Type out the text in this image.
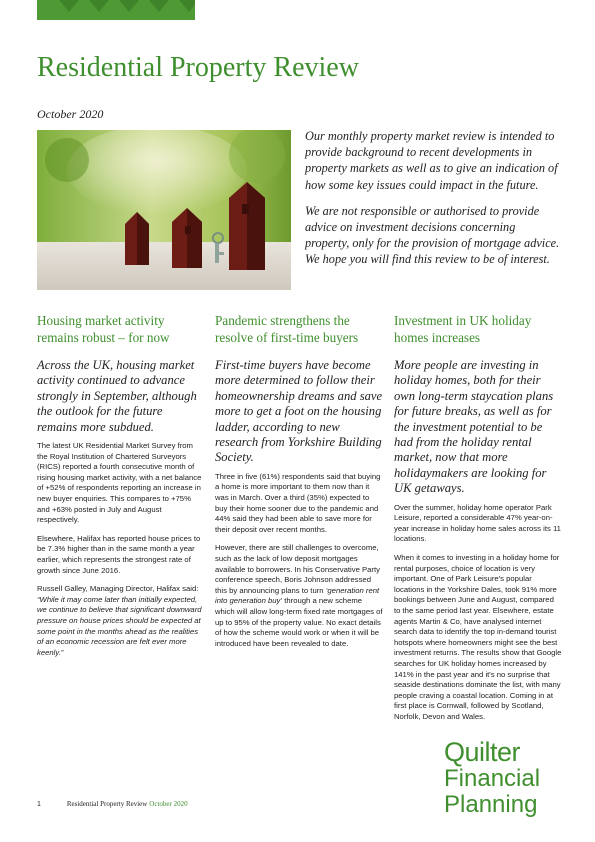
Residential Property Review
October 2020

Our monthly property market review is intended to provide background to recent developments in property markets as well as to give an indication of how some key issues could impact in the future.

We are not responsible or authorised to provide advice on investment decisions concerning property, only for the provision of mortgage advice. We hope you will find this review to be of interest.

Housing market activity remains robust – for now

Across the UK, housing market activity continued to advance strongly in September, although the outlook for the future remains more subdued.

The latest UK Residential Market Survey from the Royal Institution of Chartered Surveyors (RICS) reported a fourth consecutive month of rising housing market activity, with a net balance of +52% of respondents reporting an increase in new buyer enquiries. This compares to +75% and +63% posted in July and August respectively.

Elsewhere, Halifax has reported house prices to be 7.3% higher than in the same month a year earlier, which represents the strongest rate of growth since June 2016.

Russell Galley, Managing Director, Halifax said: “While it may come later than initially expected, we continue to believe that significant downward pressure on house prices should be expected at some point in the months ahead as the realities of an economic recession are felt ever more keenly.”

Pandemic strengthens the resolve of first-time buyers

First-time buyers have become more determined to follow their homeownership dreams and save more to get a foot on the housing ladder, according to new research from Yorkshire Building Society.

Three in five (61%) respondents said that buying a home is more important to them now than it was in March. Over a third (35%) expected to buy their home sooner due to the pandemic and 44% said they had been able to save more for their deposit over recent months.

However, there are still challenges to overcome, such as the lack of low deposit mortgages available to borrowers. In his Conservative Party conference speech, Boris Johnson addressed this by announcing plans to turn ‘generation rent into generation buy’ through a new scheme which will allow long-term fixed rate mortgages of up to 95% of the property value. No exact details of how the scheme would work or when it will be introduced have been revealed to date.

Investment in UK holiday homes increases

More people are investing in holiday homes, both for their own long-term staycation plans for future breaks, as well as for the investment potential to be had from the holiday rental market, now that more holidaymakers are looking for UK getaways.

Over the summer, holiday home operator Park Leisure, reported a considerable 47% year-on-year increase in holiday home sales across its 11 locations.

When it comes to investing in a holiday home for rental purposes, choice of location is very important. One of Park Leisure's popular locations in the Yorkshire Dales, took 91% more bookings between June and August, compared to the same period last year. Elsewhere, estate agents Martin & Co, have analysed internet search data to identify the top in-demand tourist hotspots where homeowners might see the best investment returns. The results show that Google searches for UK holiday homes increased by 141% in the past year and it's no surprise that seaside destinations dominate the list, with many people craving a coastal location. Coming in at first place is Cornwall, followed by Scotland, Norfolk, Devon and Wales.

Quilter
Financial
Planning
1	Residential Property Review October 2020
